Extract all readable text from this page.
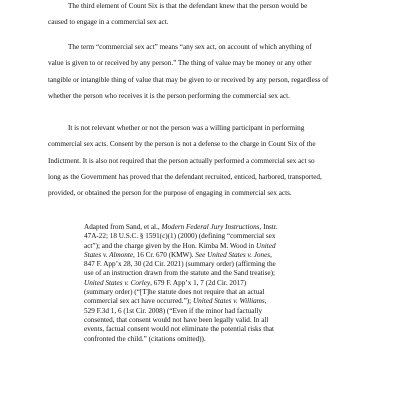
The third element of Count Six is that the defendant knew that the person would be
caused to engage in a commercial sex act.
The term “commercial sex act” means “any sex act, on account of which anything of
value is given to or received by any person.” The thing of value may be money or any other
tangible or intangible thing of value that may be given to or received by any person, regardless of
whether the person who receives it is the person performing the commercial sex act.
It is not relevant whether or not the person was a willing participant in performing
commercial sex acts. Consent by the person is not a defense to the charge in Count Six of the
Indictment. It is also not required that the person actually performed a commercial sex act so
long as the Government has proved that the defendant recruited, enticed, harbored, transported,
provided, or obtained the person for the purpose of engaging in commercial sex acts.
Adapted from Sand, et al., Modern Federal Jury Instructions, Instr.
47A-22; 18 U.S.C. § 1591(c)(1) (2000) (defining “commercial sex
act”); and the charge given by the Hon. Kimba M. Wood in United
States v. Almonte, 16 Cr. 670 (KMW). See United States v. Jones,
847 F. App’x 28, 30 (2d Cir. 2021) (summary order) (affirming the
use of an instruction drawn from the statute and the Sand treatise);
United States v. Corley, 679 F. App’x 1, 7 (2d Cir. 2017)
(summary order) (“[T]he statute does not require that an actual
commercial sex act have occurred.”); United States v. Williams,
529 F.3d 1, 6 (1st Cir. 2008) (“Even if the minor had factually
consented, that consent would not have been legally valid. In all
events, factual consent would not eliminate the potential risks that
confronted the child.” (citations omitted)).
